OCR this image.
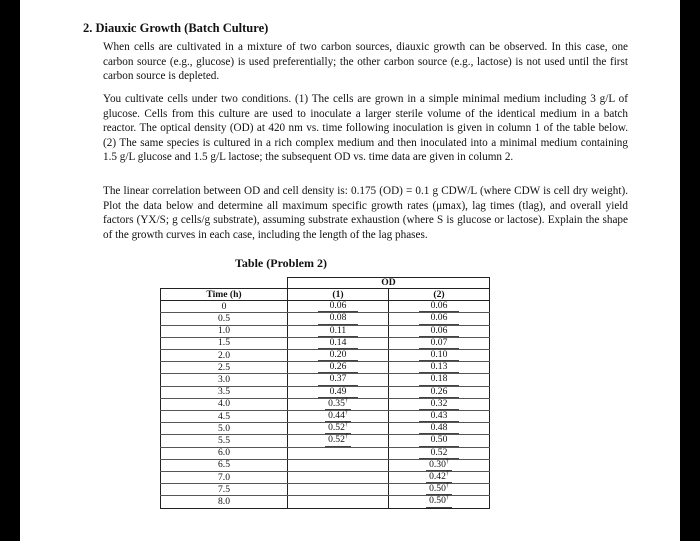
2. Diauxic Growth (Batch Culture)

When cells are cultivated in a mixture of two carbon sources, diauxic growth can be observed. In this case, one carbon source (e.g., glucose) is used preferentially; the other carbon source (e.g., lactose) is not used until the first carbon source is depleted.

You cultivate cells under two conditions. (1) The cells are grown in a simple minimal medium including 3 g/L of glucose. Cells from this culture are used to inoculate a larger sterile volume of the identical medium in a batch reactor. The optical density (OD) at 420 nm vs. time following inoculation is given in column 1 of the table below. (2) The same species is cultured in a rich complex medium and then inoculated into a minimal medium containing 1.5 g/L glucose and 1.5 g/L lactose; the subsequent OD vs. time data are given in column 2.

The linear correlation between OD and cell density is: 0.175 (OD) = 0.1 g CDW/L (where CDW is cell dry weight). Plot the data below and determine all maximum specific growth rates (μmax), lag times (tlag), and overall yield factors (YX/S; g cells/g substrate), assuming substrate exhaustion (where S is glucose or lactose). Explain the shape of the growth curves in each case, including the length of the lag phases.

Table (Problem 2)

	OD	
Time (h)	(1)	(2)
0	0.06	0.06
0.5	0.08	0.06
1.0	0.11	0.06
1.5	0.14	0.07
2.0	0.20	0.10
2.5	0.26	0.13
3.0	0.37	0.18
3.5	0.49	0.26
4.0	0.35†	0.32
4.5	0.44†	0.43
5.0	0.52†	0.48
5.5	0.52†	0.50
6.0		0.52
6.5		0.30†
7.0		0.42†
7.5		0.50†
8.0		0.50†
